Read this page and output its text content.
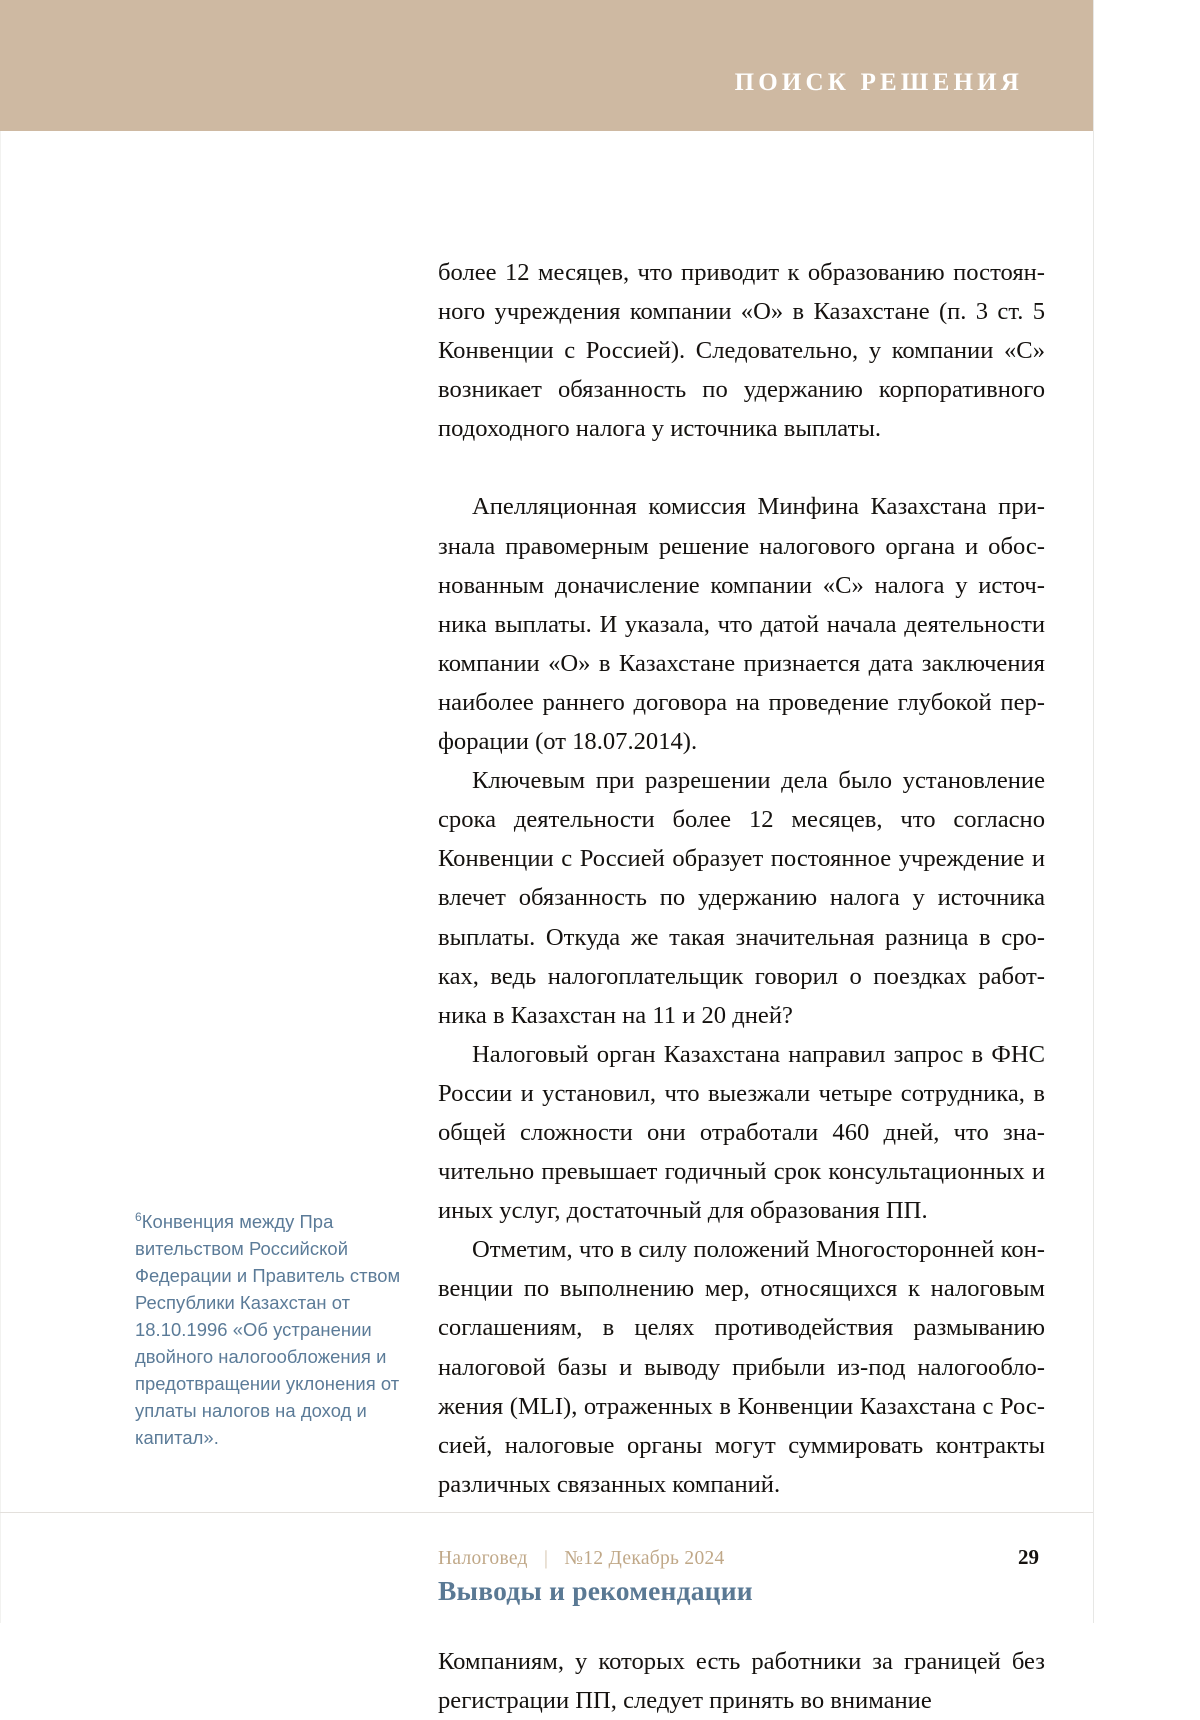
ПОИСК РЕШЕНИЯ
$^6$Конвенция между Пра вительством Российской Федерации и Правитель ством Республики Казахстан от 18.10.1996 «Об устранении двойного налогообложения и предотвращении уклонения от уплаты налогов на доход и капитал».

более 12 месяцев, что приводит к образованию постоянного учреждения компании «О» в Казахстане (п. 3 ст. 5 Конвенции с Россией). Следовательно, у компании «С» возникает обязанность по удержанию корпоративного подоходного налога у источника выплаты.

Апелляционная комиссия Минфина Казахстана признала правомерным решение налогового органа и обоснованным доначисление компании «С» налога у источника выплаты. И указала, что датой начала деятельности компании «О» в Казахстане признается дата заключения наиболее раннего договора на проведение глубокой перфорации (от 18.07.2014).

Ключевым при разрешении дела было установление срока деятельности более 12 месяцев, что согласно Конвенции с Россией образует постоянное учреждение и влечет обязанность по удержанию налога у источника выплаты. Откуда же такая значительная разница в сроках, ведь налогоплательщик говорил о поездках работника в Казахстан на 11 и 20 дней?

Налоговый орган Казахстана направил запрос в ФНС России и установил, что выезжали четыре сотрудника, в общей сложности они отработали 460 дней, что значительно превышает годичный срок консультационных и иных услуг, достаточный для образования ПП.

Отметим, что в силу положений Многосторонней конвенции по выполнению мер, относящихся к налоговым соглашениям, в целях противодействия размыванию налоговой базы и выводу прибыли из-под налогообложения (MLI), отраженных в Конвенции Казахстана с Россией, налоговые органы могут суммировать контракты различных связанных компаний.

Выводы и рекомендации

Компаниям, у которых есть работники за границей без регистрации ПП, следует принять во внимание

Налоговед | №12 Декабрь 2024	29
